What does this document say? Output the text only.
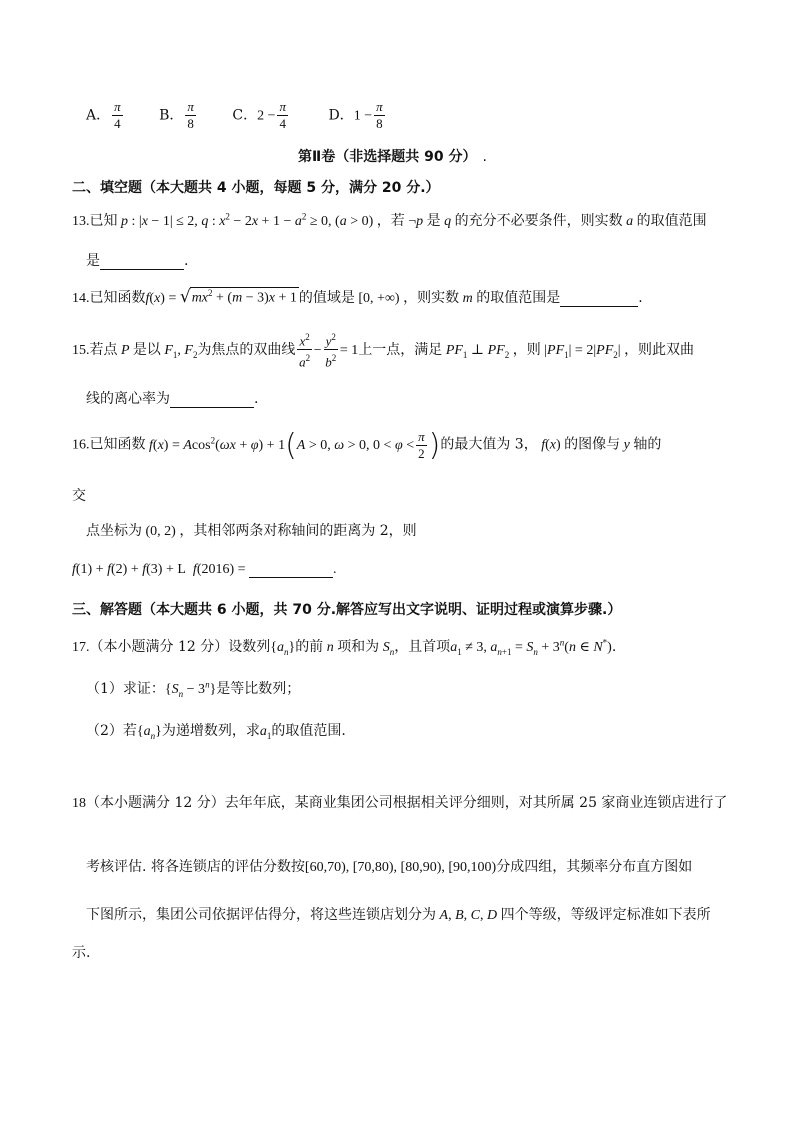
A． $\frac{\pi}{4}$	B． $\frac{\pi}{8}$	C．$2 - \frac{\pi}{4}$	D．$1 - \frac{\pi}{8}$
第Ⅱ卷（非选择题共 90 分） .
二、填空题（本大题共 4 小题，每题 5 分，满分 20 分.）
13.已知 p : |x − 1| ≤ 2, q : $x^2 - 2x + 1 - a^2 \ge 0$, (a > 0) ，若 ¬p 是 q 的充分不必要条件，则实数 a 的取值范围
是	.
14.已知函数$f(x) = √mx^2 + (m - 3)x + 1$ 的值域是 [0, +∞) ，则实数 m 的取值范围是	.
15.若点 P 是以 $F_1$, $F_2$为焦点的双曲线 $\frac{x^2}{a^2} - \frac{y^2}{b^2} = 1$上一点，满足 $PF_1$ ⊥ $PF_2$ ，则 $|PF_1| = 2|PF_2|$ ，则此双曲
线的离心率为	.
16.已知函数 f(x) = Acos$^2$(ωx + φ) + 1(A > 0, ω > 0, $0 < \varphi < \frac{\pi}{2}$ )的最大值为 3， f(x) 的图像与 y 轴的
交
点坐标为 (0, 2) ，其相邻两条对称轴间的距离为 2，则
f(1) + f(2) + f(3) + L  f(2016) =	.
三、解答题（本大题共 6 小题，共 70 分.解答应写出文字说明、证明过程或演算步骤.）
17.（本小题满分 12 分）设数列$\{a_n\}$的前 n 项和为 $S_n$，且首项$a_1 \ne 3$, $a_{n+1} = S_n + 3^n(n$ ∈ N*).
（1）求证：$\{S_n - 3^n\}$是等比数列；
（2）若$\{a_n\}$为递增数列，求$a_1$的取值范围.
18（本小题满分 12 分）去年年底，某商业集团公司根据相关评分细则，对其所属 25 家商业连锁店进行了
考核评估. 将各连锁店的评估分数按[60,70), [70,80), [80,90), [90,100)分成四组，其频率分布直方图如
下图所示，集团公司依据评估得分，将这些连锁店划分为 A, B, C, D 四个等级，等级评定标准如下表所
示.
